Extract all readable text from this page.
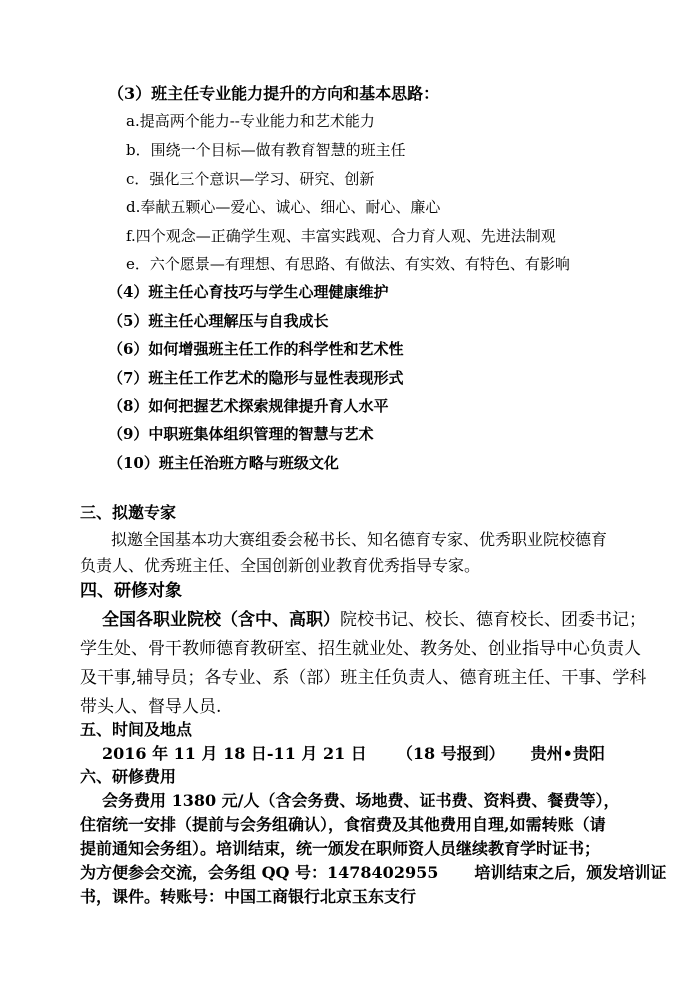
（3）班主任专业能力提升的方向和基本思路：
a.提高两个能力--专业能力和艺术能力
b．围绕一个目标—做有教育智慧的班主任
c．强化三个意识—学习、研究、创新
d.奉献五颗心—爱心、诚心、细心、耐心、廉心
f.四个观念—正确学生观、丰富实践观、合力育人观、先进法制观
e．六个愿景—有理想、有思路、有做法、有实效、有特色、有影响
（4）班主任心育技巧与学生心理健康维护
（5）班主任心理解压与自我成长
（6）如何增强班主任工作的科学性和艺术性
（7）班主任工作艺术的隐形与显性表现形式
（8）如何把握艺术探索规律提升育人水平
（9）中职班集体组织管理的智慧与艺术
（10）班主任治班方略与班级文化
三、拟邀专家
拟邀全国基本功大赛组委会秘书长、知名德育专家、优秀职业院校德育
负责人、优秀班主任、全国创新创业教育优秀指导专家。
四、研修对象
全国各职业院校（含中、高职）院校书记、校长、德育校长、团委书记；
学生处、骨干教师德育教研室、招生就业处、教务处、创业指导中心负责人
及干事,辅导员；各专业、系（部）班主任负责人、德育班主任、干事、学科
带头人、督导人员.
五、时间及地点
2016 年 11 月 18 日-11 月 21 日 （18 号报到） 贵州•贵阳
六、研修费用
会务费用 1380 元/人（含会务费、场地费、证书费、资料费、餐费等），
住宿统一安排（提前与会务组确认），食宿费及其他费用自理,如需转账（请
提前通知会务组）。培训结束，统一颁发在职师资人员继续教育学时证书；
为方便参会交流，会务组 QQ 号：1478402955 培训结束之后，颁发培训证
书，课件。转账号：中国工商银行北京玉东支行
